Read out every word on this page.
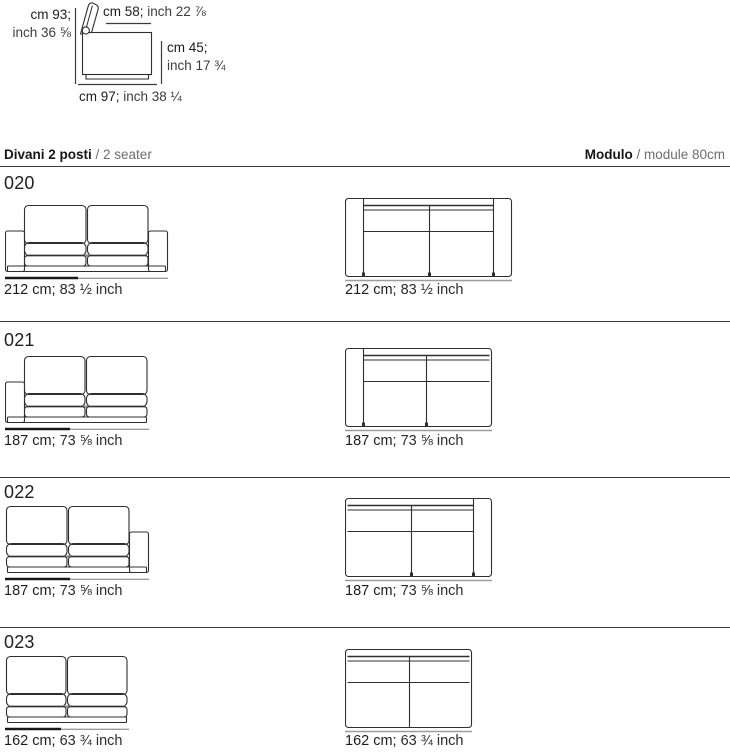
cm 93;
inch 36 ⅝
cm 58; inch 22 ⅞
cm 45;
inch 17 ¾
cm 97; inch 38 ¼
Divani 2 posti / 2 seater	Modulo / module 80cm
020
212 cm; 83 ½ inch	212 cm; 83 ½ inch
021
187 cm; 73 ⅝ inch	187 cm; 73 ⅝ inch
022
187 cm; 73 ⅝ inch	187 cm; 73 ⅝ inch
023
162 cm; 63 ¾ inch	162 cm; 63 ¾ inch
